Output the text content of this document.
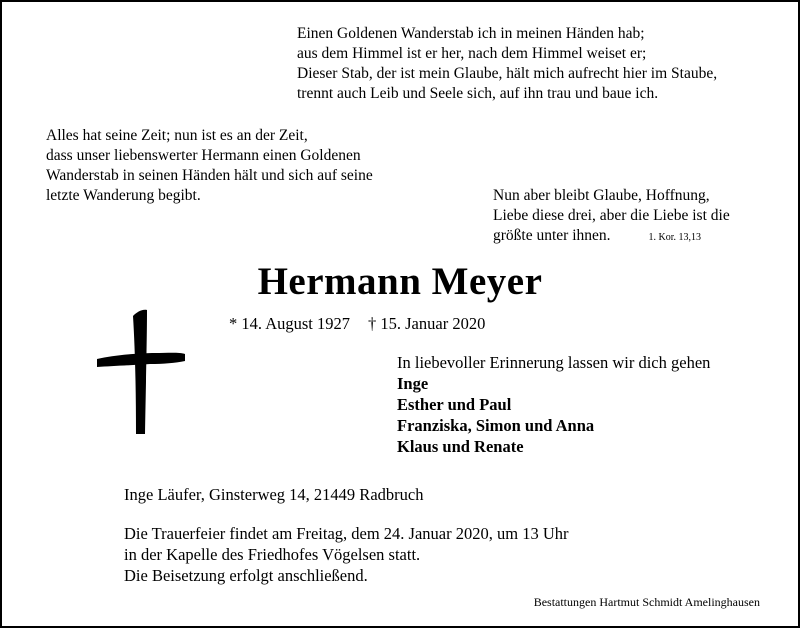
Einen Goldenen Wanderstab ich in meinen Händen hab;
aus dem Himmel ist er her, nach dem Himmel weiset er;
Dieser Stab, der ist mein Glaube, hält mich aufrecht hier im Staube,
trennt auch Leib und Seele sich, auf ihn trau und baue ich.
Alles hat seine Zeit; nun ist es an der Zeit,
dass unser liebenswerter Hermann einen Goldenen
Wanderstab in seinen Händen hält und sich auf seine
letzte Wanderung begibt.	Nun aber bleibt Glaube, Hoffnung,
Liebe diese drei, aber die Liebe ist die
größte unter ihnen.	1. Kor. 13,13
Hermann Meyer
* 14. August 1927 † 15. Januar 2020
In liebevoller Erinnerung lassen wir dich gehen
Inge
Esther und Paul
Franziska, Simon und Anna
Klaus und Renate
Inge Läufer, Ginsterweg 14, 21449 Radbruch
Die Trauerfeier findet am Freitag, dem 24. Januar 2020, um 13 Uhr
in der Kapelle des Friedhofes Vögelsen statt.
Die Beisetzung erfolgt anschließend.
Bestattungen Hartmut Schmidt Amelinghausen
